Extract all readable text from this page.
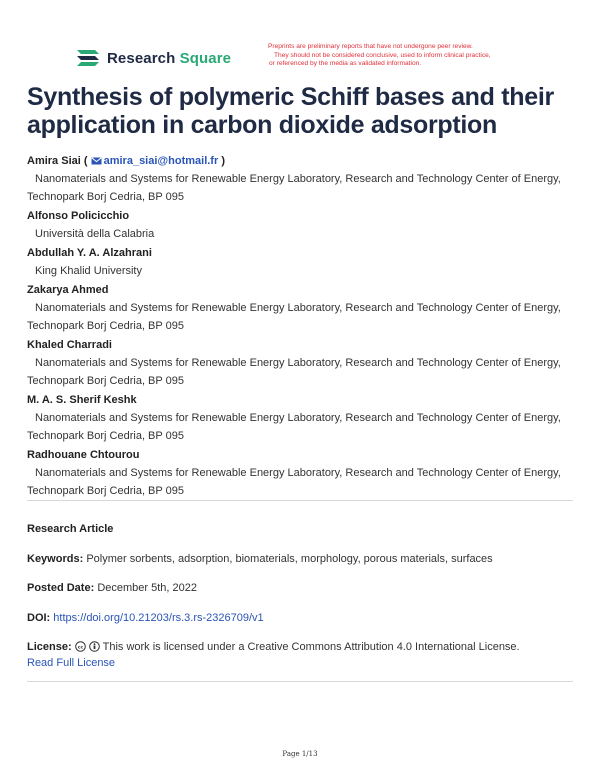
Research Square
Preprints are preliminary reports that have not undergone peer review.
They should not be considered conclusive, used to inform clinical practice,
or referenced by the media as validated information.
Synthesis of polymeric Schiff bases and their application in carbon dioxide adsorption
Amira Siai ( amira_siai@hotmail.fr )
Nanomaterials and Systems for Renewable Energy Laboratory, Research and Technology Center of Energy, Technopark Borj Cedria, BP 095
Alfonso Policicchio
Università della Calabria
Abdullah Y. A. Alzahrani
King Khalid University
Zakarya Ahmed
Nanomaterials and Systems for Renewable Energy Laboratory, Research and Technology Center of Energy, Technopark Borj Cedria, BP 095
Khaled Charradi
Nanomaterials and Systems for Renewable Energy Laboratory, Research and Technology Center of Energy, Technopark Borj Cedria, BP 095
M. A. S. Sherif Keshk
Nanomaterials and Systems for Renewable Energy Laboratory, Research and Technology Center of Energy, Technopark Borj Cedria, BP 095
Radhouane Chtourou
Nanomaterials and Systems for Renewable Energy Laboratory, Research and Technology Center of Energy, Technopark Borj Cedria, BP 095
Research Article
Keywords: Polymer sorbents, adsorption, biomaterials, morphology, porous materials, surfaces
Posted Date: December 5th, 2022
DOI: https://doi.org/10.21203/rs.3.rs-2326709/v1
License: cc This work is licensed under a Creative Commons Attribution 4.0 International License.
Read Full License
Page 1/13
